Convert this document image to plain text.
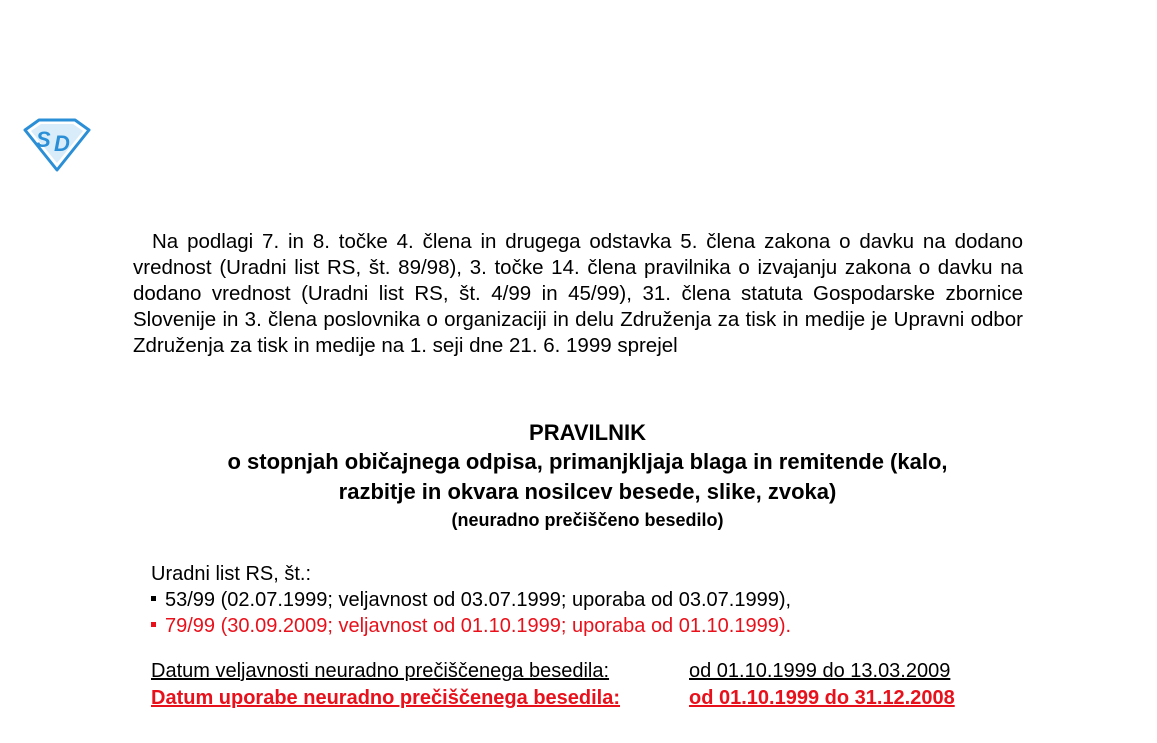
S D

Na podlagi 7. in 8. točke 4. člena in drugega odstavka 5. člena zakona o davku na dodano vrednost (Uradni list RS, št. 89/98), 3. točke 14. člena pravilnika o izvajanju zakona o davku na dodano vrednost (Uradni list RS, št. 4/99 in 45/99), 31. člena statuta Gospodarske zbornice Slovenije in 3. člena poslovnika o organizaciji in delu Združenja za tisk in medije je Upravni odbor Združenja za tisk in medije na 1. seji dne 21. 6. 1999 sprejel

PRAVILNIK
o stopnjah običajnega odpisa, primanjkljaja blaga in remitende (kalo,
razbitje in okvara nosilcev besede, slike, zvoka)
(neuradno prečiščeno besedilo)
Uradni list RS, št.:
53/99 (02.07.1999; veljavnost od 03.07.1999; uporaba od 03.07.1999),
79/99 (30.09.2009; veljavnost od 01.10.1999; uporaba od 01.10.1999).
Datum veljavnosti neuradno prečiščenega besedila:	od 01.10.1999 do 13.03.2009
Datum uporabe neuradno prečiščenega besedila:	od 01.10.1999 do 31.12.2008
